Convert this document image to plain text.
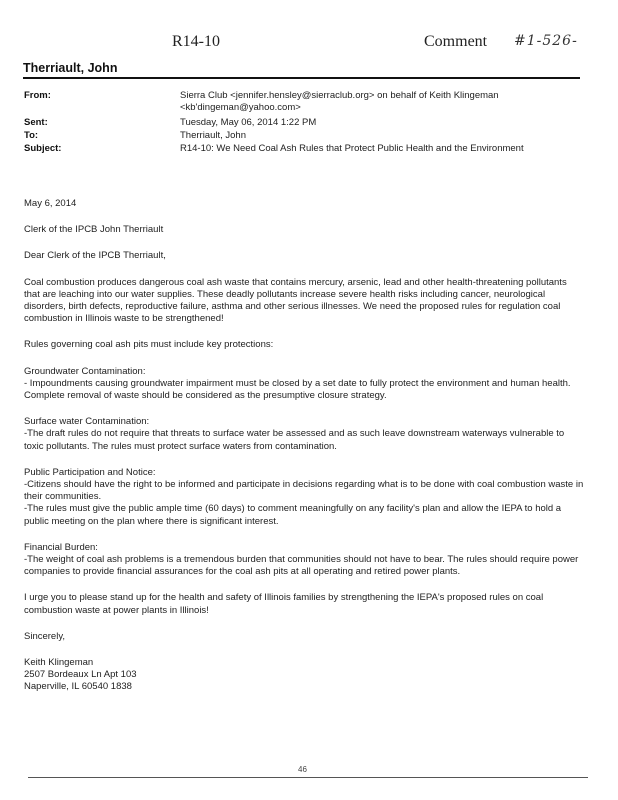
R14-10	Comment #1-526-
Therriault, John
From:	Sierra Club <jennifer.hensley@sierraclub.org> on behalf of Keith Klingeman
<kb'dingeman@yahoo.com>
Sent:	Tuesday, May 06, 2014 1:22 PM
To:	Therriault, John
Subject:	R14-10: We Need Coal Ash Rules that Protect Public Health and the Environment

May 6, 2014

Clerk of the IPCB John Therriault

Dear Clerk of the IPCB Therriault,

Coal combustion produces dangerous coal ash waste that contains mercury, arsenic, lead and other health-threatening pollutants that are leaching into our water supplies. These deadly pollutants increase severe health risks including cancer, neurological disorders, birth defects, reproductive failure, asthma and other serious illnesses. We need the proposed rules for regulation coal combustion in Illinois waste to be strengthened!

Rules governing coal ash pits must include key protections:

Groundwater Contamination:

- Impoundments causing groundwater impairment must be closed by a set date to fully protect the environment and human health.

Complete removal of waste should be considered as the presumptive closure strategy.

Surface water Contamination:

-The draft rules do not require that threats to surface water be assessed and as such leave downstream waterways vulnerable to toxic pollutants. The rules must protect surface waters from contamination.

Public Participation and Notice:

-Citizens should have the right to be informed and participate in decisions regarding what is to be done with coal combustion waste in their communities.

-The rules must give the public ample time (60 days) to comment meaningfully on any facility's plan and allow the IEPA to hold a public meeting on the plan where there is significant interest.

Financial Burden:

-The weight of coal ash problems is a tremendous burden that communities should not have to bear. The rules should require power companies to provide financial assurances for the coal ash pits at all operating and retired power plants.

I urge you to please stand up for the health and safety of Illinois families by strengthening the IEPA's proposed rules on coal combustion waste at power plants in Illinois!

Sincerely,

Keith Klingeman

2507 Bordeaux Ln Apt 103

Naperville, IL 60540 1838

46
